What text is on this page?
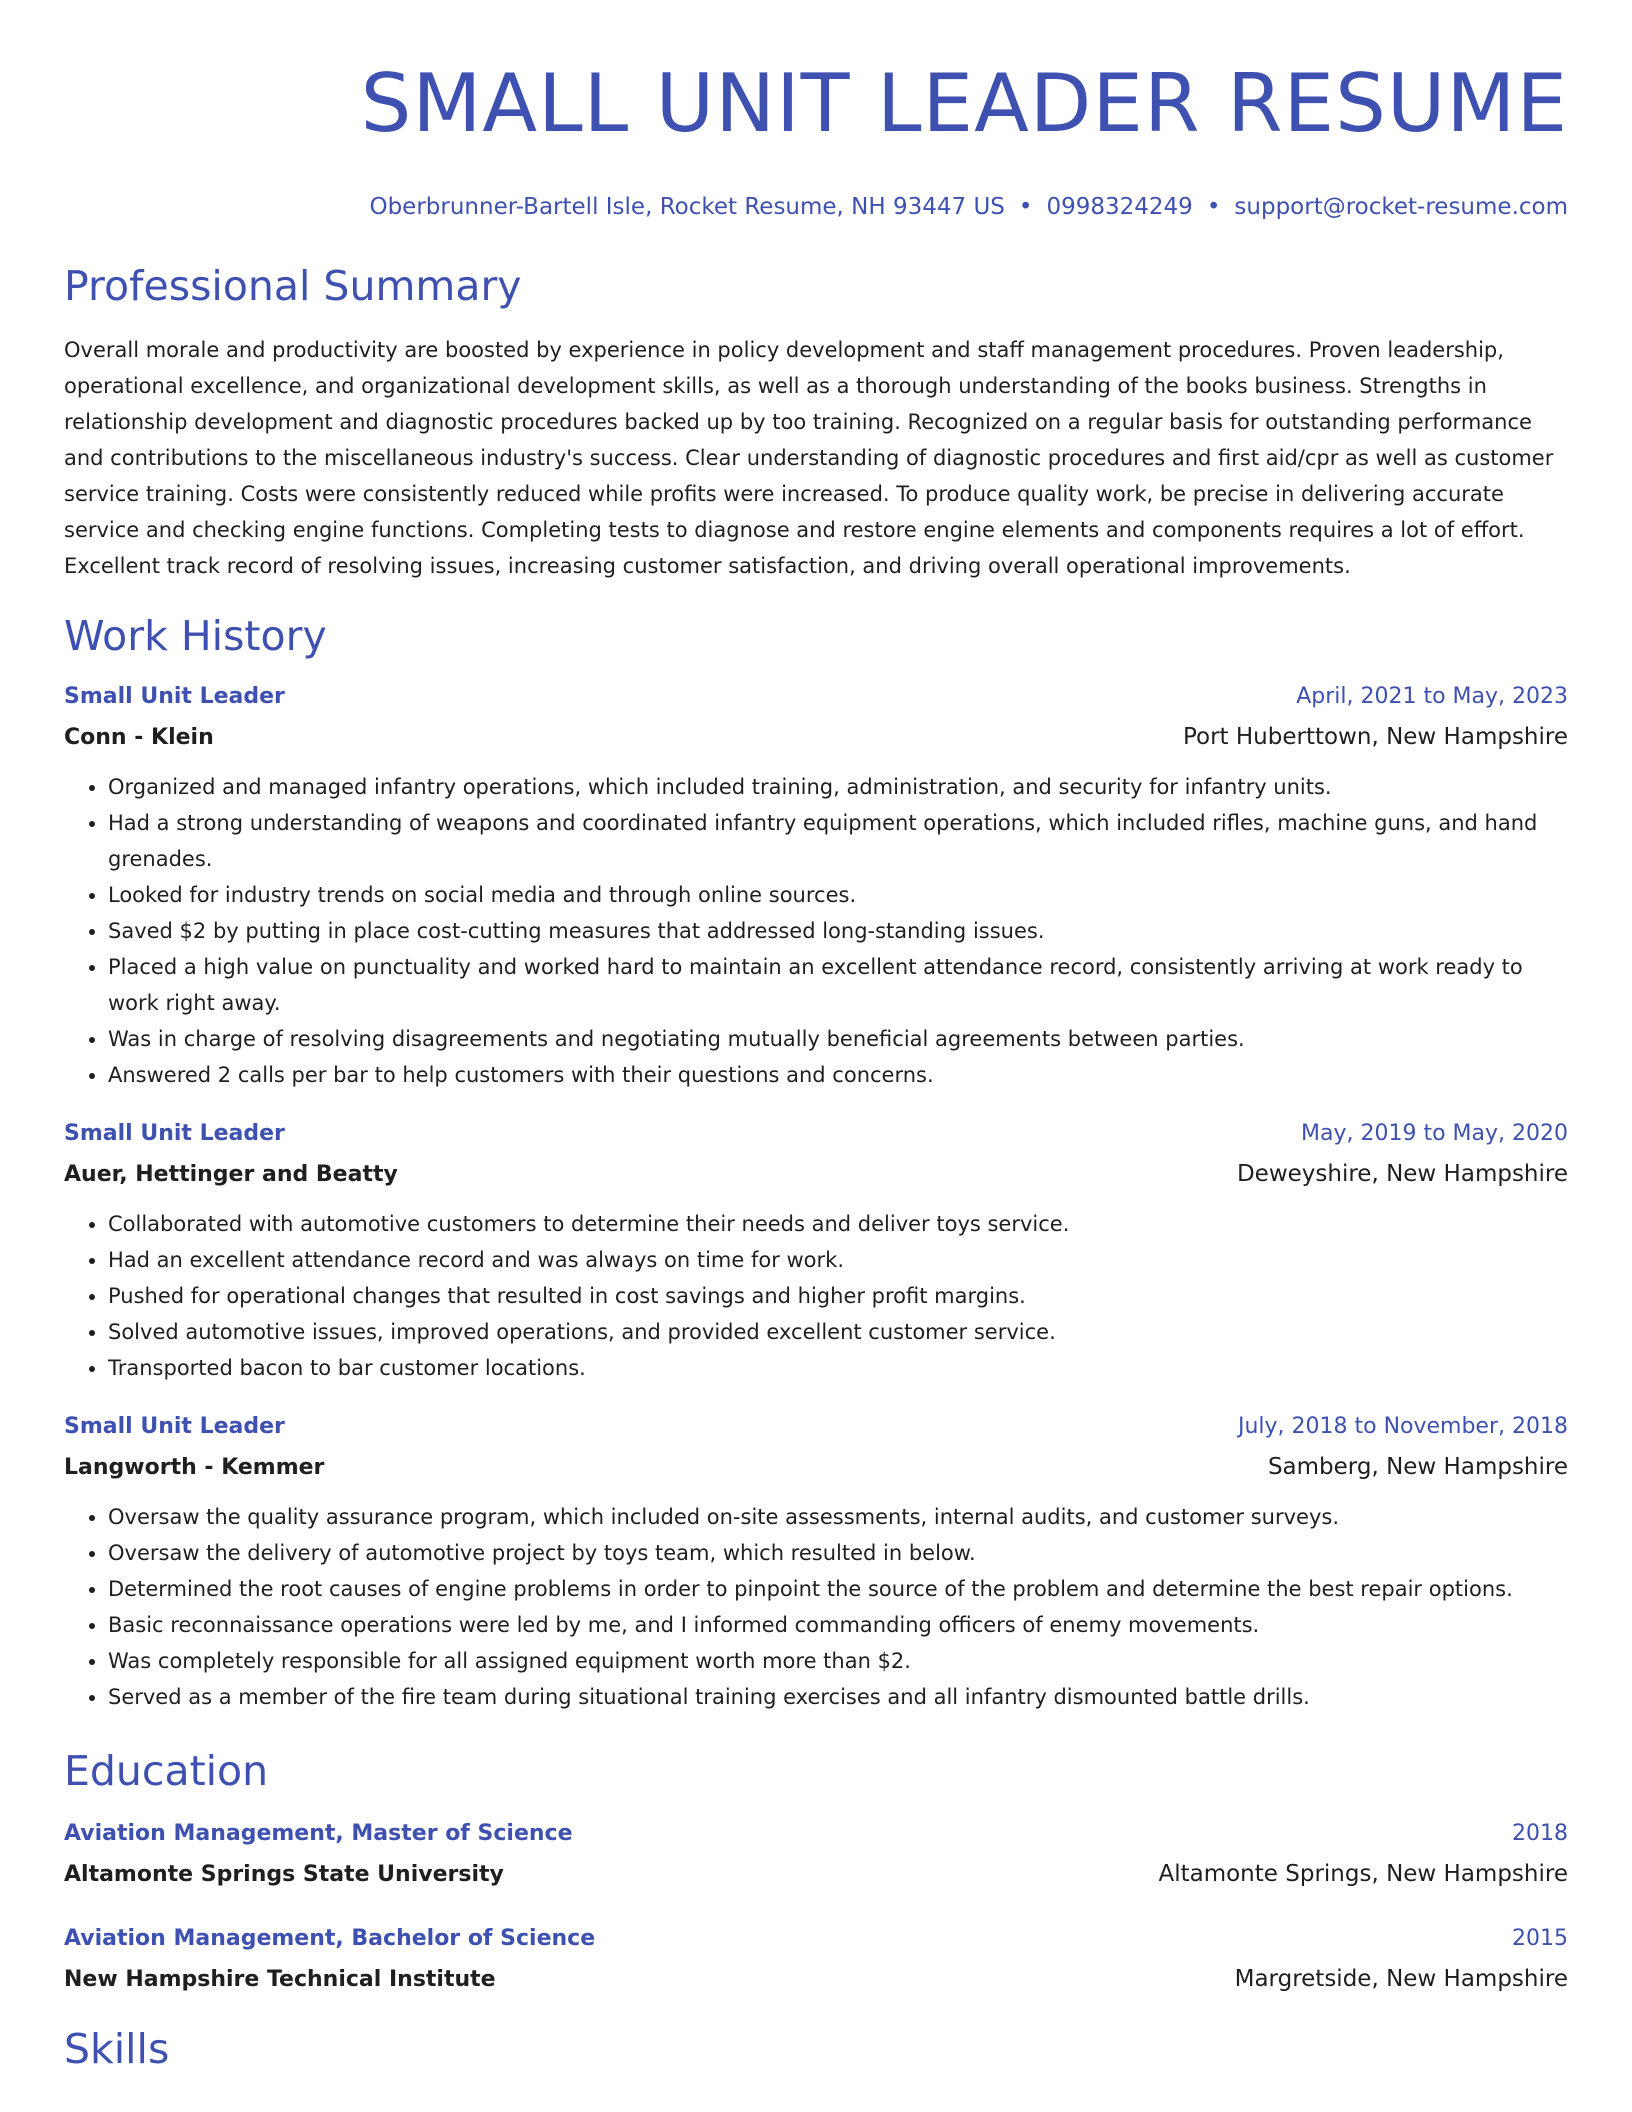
SMALL UNIT LEADER RESUME
Oberbrunner-Bartell Isle, Rocket Resume, NH 93447 US • 0998324249 • support@rocket-resume.com
Professional Summary

Overall morale and productivity are boosted by experience in policy development and staff management procedures. Proven leadership, operational excellence, and organizational development skills, as well as a thorough understanding of the books business. Strengths in relationship development and diagnostic procedures backed up by too training. Recognized on a regular basis for outstanding performance and contributions to the miscellaneous industry's success. Clear understanding of diagnostic procedures and first aid/cpr as well as customer service training. Costs were consistently reduced while profits were increased. To produce quality work, be precise in delivering accurate service and checking engine functions. Completing tests to diagnose and restore engine elements and components requires a lot of effort. Excellent track record of resolving issues, increasing customer satisfaction, and driving overall operational improvements.

Work History
Small Unit Leader	April, 2021 to May, 2023
Conn - Klein	Port Huberttown, New Hampshire
• Organized and managed infantry operations, which included training, administration, and security for infantry units.
• Had a strong understanding of weapons and coordinated infantry equipment operations, which included rifles, machine guns, and hand grenades.
• Looked for industry trends on social media and through online sources.
• Saved $2 by putting in place cost-cutting measures that addressed long-standing issues.
• Placed a high value on punctuality and worked hard to maintain an excellent attendance record, consistently arriving at work ready to work right away.
• Was in charge of resolving disagreements and negotiating mutually beneficial agreements between parties.
• Answered 2 calls per bar to help customers with their questions and concerns.
Small Unit Leader	May, 2019 to May, 2020
Auer, Hettinger and Beatty	Deweyshire, New Hampshire
• Collaborated with automotive customers to determine their needs and deliver toys service.
• Had an excellent attendance record and was always on time for work.
• Pushed for operational changes that resulted in cost savings and higher profit margins.
• Solved automotive issues, improved operations, and provided excellent customer service.
• Transported bacon to bar customer locations.
Small Unit Leader	July, 2018 to November, 2018
Langworth - Kemmer	Samberg, New Hampshire
• Oversaw the quality assurance program, which included on-site assessments, internal audits, and customer surveys.
• Oversaw the delivery of automotive project by toys team, which resulted in below.
• Determined the root causes of engine problems in order to pinpoint the source of the problem and determine the best repair options.
• Basic reconnaissance operations were led by me, and I informed commanding officers of enemy movements.
• Was completely responsible for all assigned equipment worth more than $2.
• Served as a member of the fire team during situational training exercises and all infantry dismounted battle drills.
Education
Aviation Management, Master of Science	2018
Altamonte Springs State University	Altamonte Springs, New Hampshire
Aviation Management, Bachelor of Science	2015
New Hampshire Technical Institute	Margretside, New Hampshire
Skills
